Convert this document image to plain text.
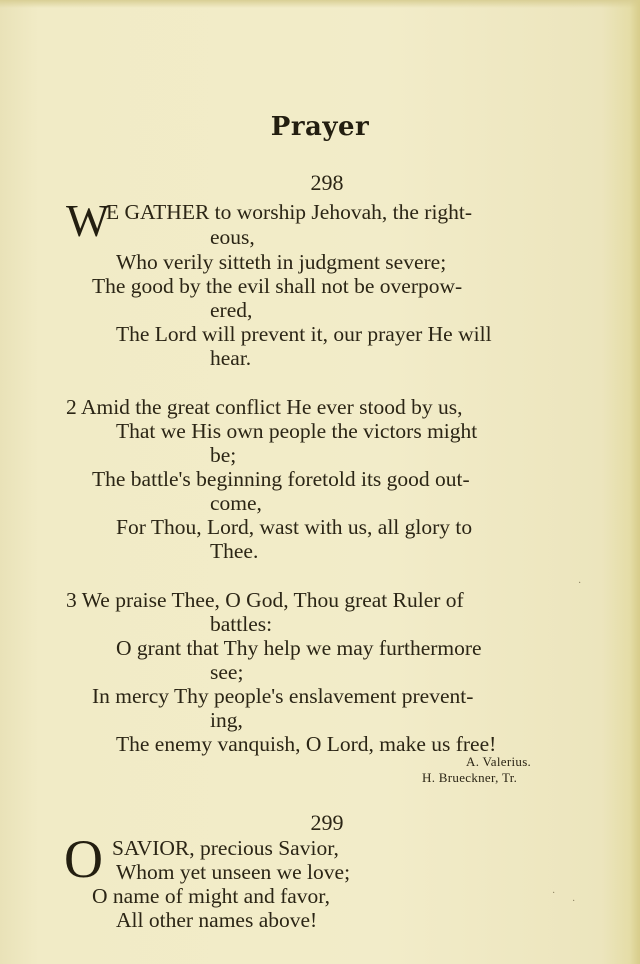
Prayer
298
W
E GATHER to worship Jehovah, the right-
eous,
Who verily sitteth in judgment severe;
The good by the evil shall not be overpow-
ered,
The Lord will prevent it, our prayer He will
hear.
2 Amid the great conflict He ever stood by us,
That we His own people the victors might
be;
The battle's beginning foretold its good out-
come,
For Thou, Lord, wast with us, all glory to
Thee.
3 We praise Thee, O God, Thou great Ruler of
battles:
O grant that Thy help we may furthermore
see;
In mercy Thy people's enslavement prevent-
ing,
The enemy vanquish, O Lord, make us free!
A. Valerius.
H. Brueckner, Tr.
299
O SAVIOR, precious Savior,
Whom yet unseen we love;
O name of might and favor,
All other names above!
·
·
·
